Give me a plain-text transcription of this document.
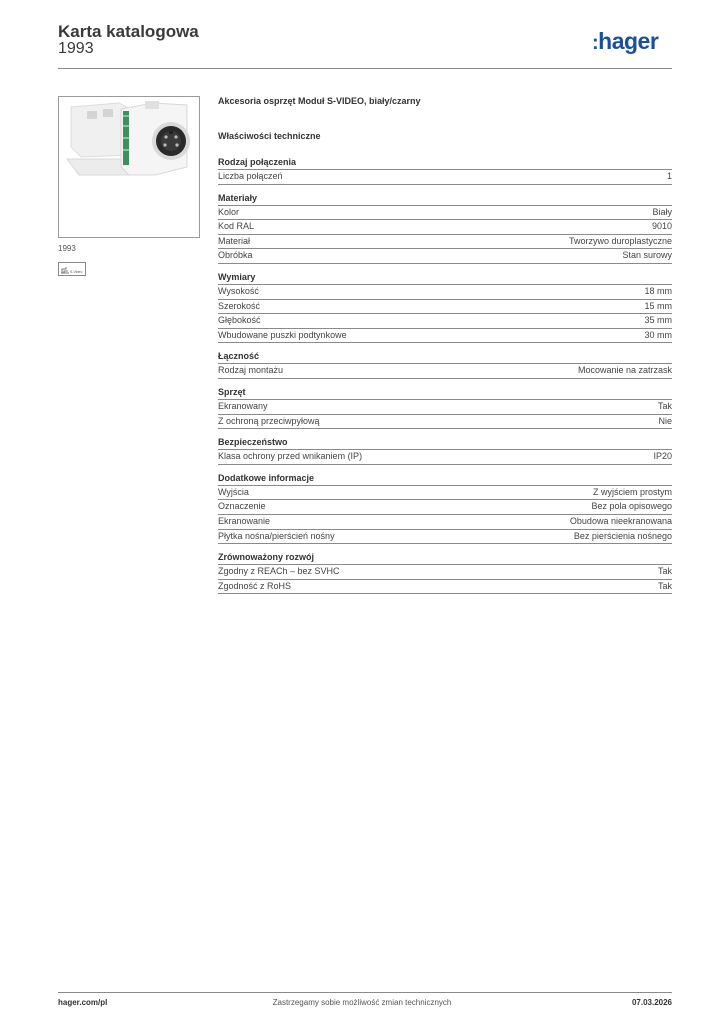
Karta katalogowa
1993	:hager
1993
S-Video
Akcesoria osprzęt Moduł S-VIDEO, biały/czarny
Właściwości techniczne
Rodzaj połączenia
Liczba połączeń	1
Materiały
Kolor	Biały
Kod RAL	9010
Materiał	Tworzywo duroplastyczne
Obróbka	Stan surowy
Wymiary
Wysokość	18 mm
Szerokość	15 mm
Głębokość	35 mm
Wbudowane puszki podtynkowe	30 mm
Łączność
Rodzaj montażu	Mocowanie na zatrzask
Sprzęt
Ekranowany	Tak
Z ochroną przeciwpyłową	Nie
Bezpieczeństwo
Klasa ochrony przed wnikaniem (IP)	IP20
Dodatkowe informacje
Wyjścia	Z wyjściem prostym
Oznaczenie	Bez pola opisowego
Ekranowanie	Obudowa nieekranowana
Płytka nośna/pierścień nośny	Bez pierścienia nośnego
Zrównoważony rozwój
Zgodny z REACh – bez SVHC	Tak
Zgodność z RoHS	Tak
hager.com/pl	Zastrzegamy sobie możliwość zmian technicznych	07.03.2026
